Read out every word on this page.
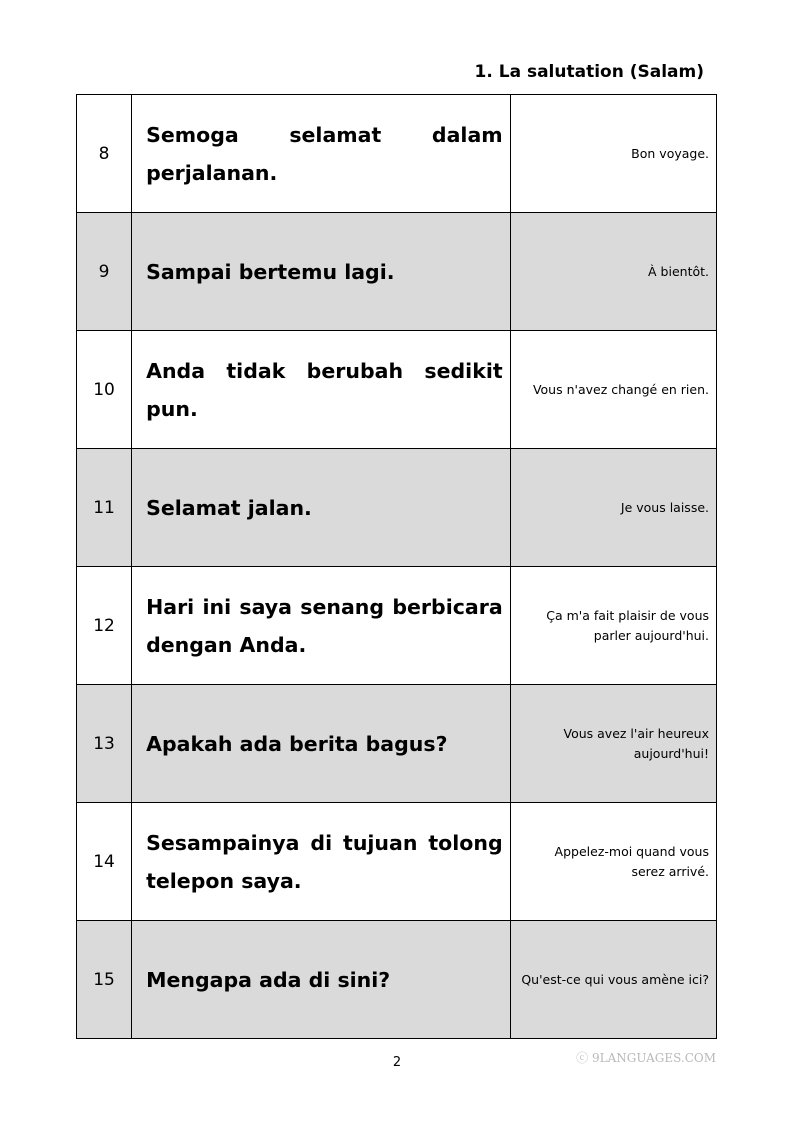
1. La salutation (Salam)
8	Semoga selamat dalam perjalanan.	Bon voyage.
9	Sampai bertemu lagi.	À bientôt.
10	Anda tidak berubah sedikit pun.	Vous n'avez changé en rien.
11	Selamat jalan.	Je vous laisse.
12	Hari ini saya senang berbicara dengan Anda.	Ça m'a fait plaisir de vous parler aujourd'hui.
13	Apakah ada berita bagus?	Vous avez l'air heureux aujourd'hui!
14	Sesampainya di tujuan tolong telepon saya.	Appelez-moi quand vous serez arrivé.
15	Mengapa ada di sini?	Qu'est-ce qui vous amène ici?
ⓒ 9LANGUAGES.COM
2
